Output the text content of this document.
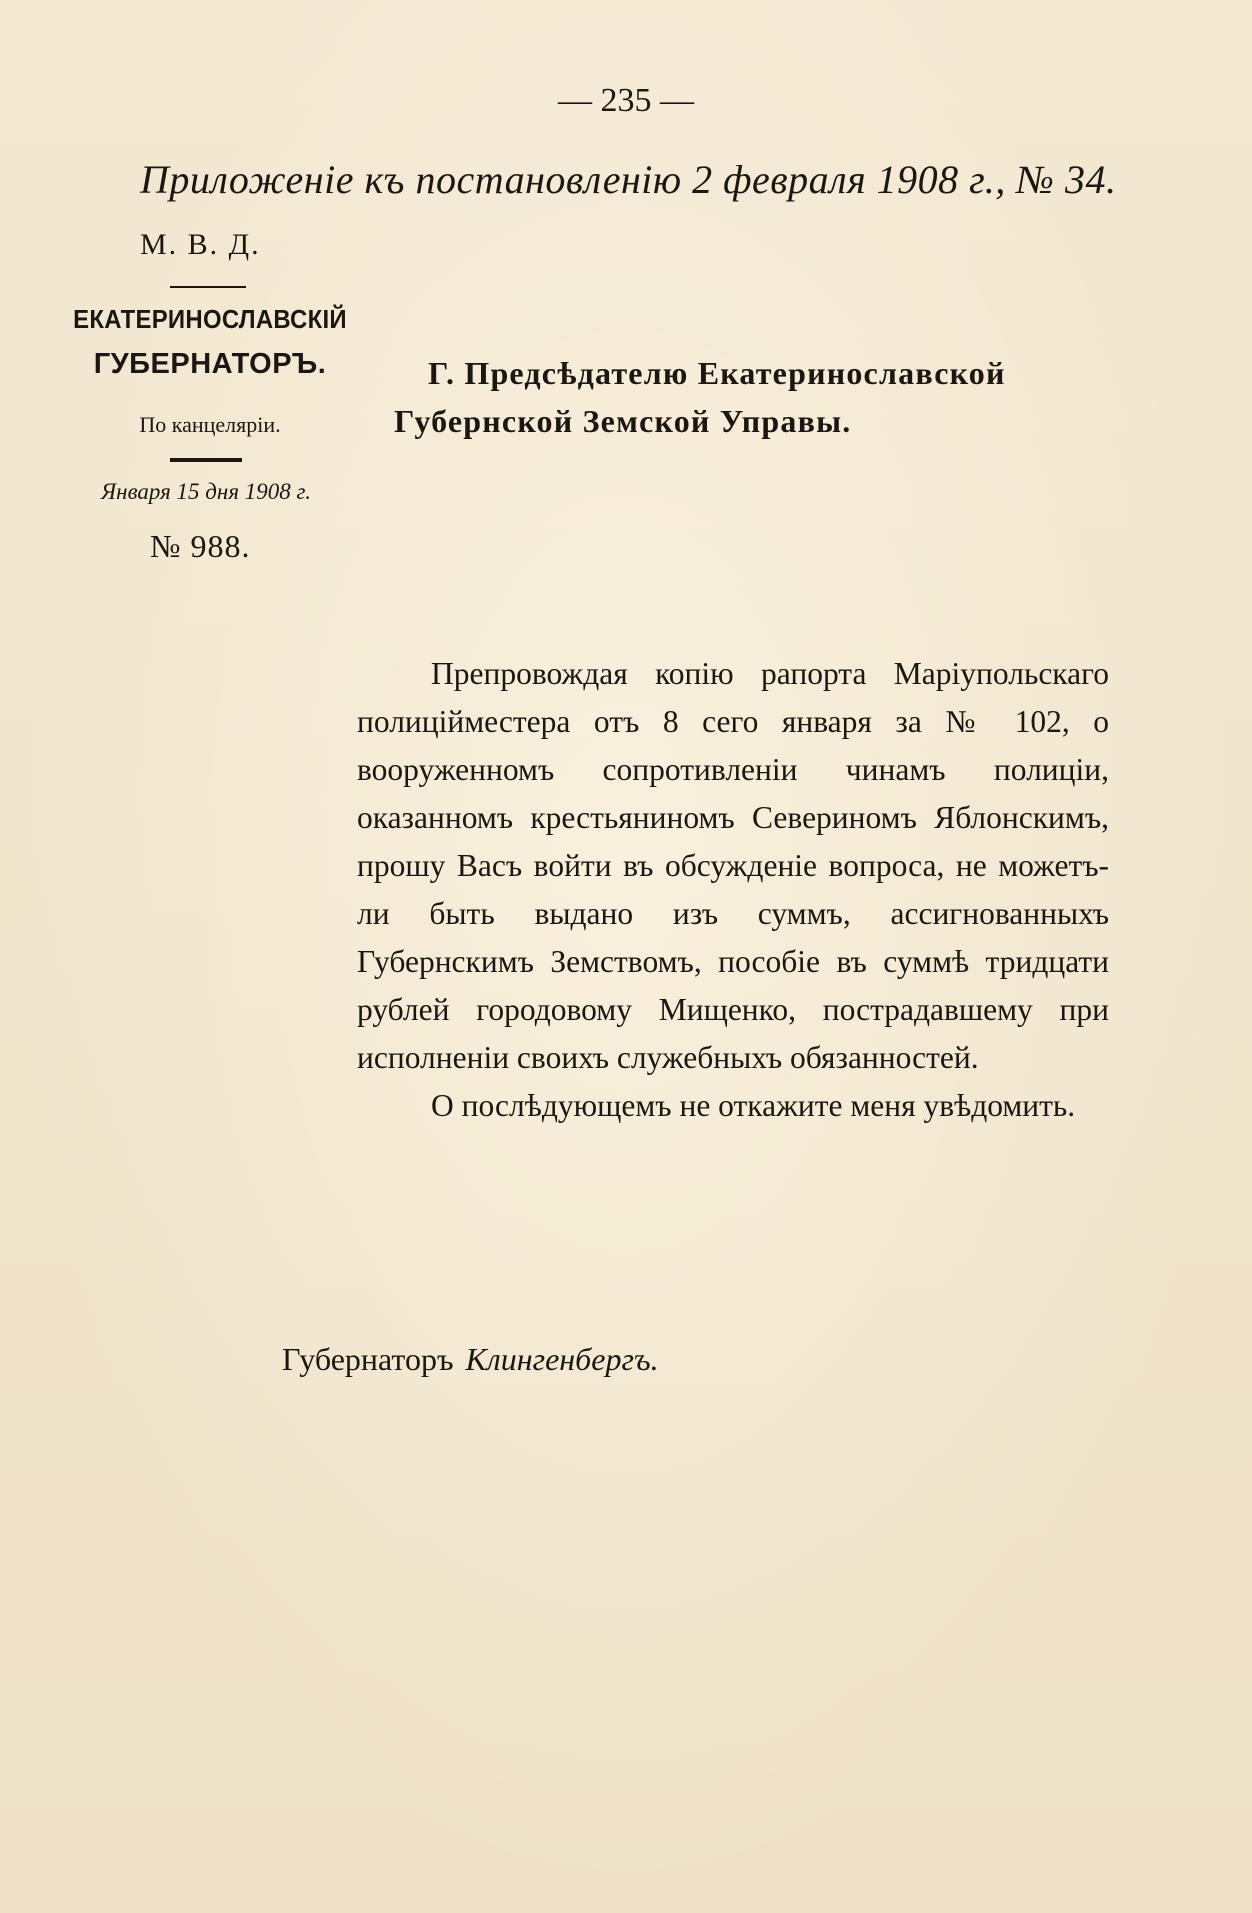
— 235 —
Приложенiе къ постановленiю 2 февраля 1908 г., № 34.
М. В. Д.
ЕКАТЕРИНОСЛАВСКIЙ
ГУБЕРНАТОРЪ.
По канцеляріи.
Января 15 дня 1908 г.
№ 988.
Г. Предсѣдателю Екатеринославской
Губернской Земской Управы.

Препровождая копію рапорта Маріупольскаго полиційместера отъ 8 сего января за № 102, о вооруженномъ сопротивленіи чинамъ полиціи, оказанномъ крестьяниномъ Севериномъ Яблонскимъ, прошу Васъ войти въ обсужденіе вопроса, не можетъ-ли быть выдано изъ суммъ, ассигнованныхъ Губернскимъ Земствомъ, пособіе въ суммѣ тридцати рублей городовому Мищенко, пострадавшему при исполненіи своихъ служебныхъ обязанностей.

О послѣдующемъ не откажите меня увѣдомить.

Губернаторъ Клингенбергъ.
